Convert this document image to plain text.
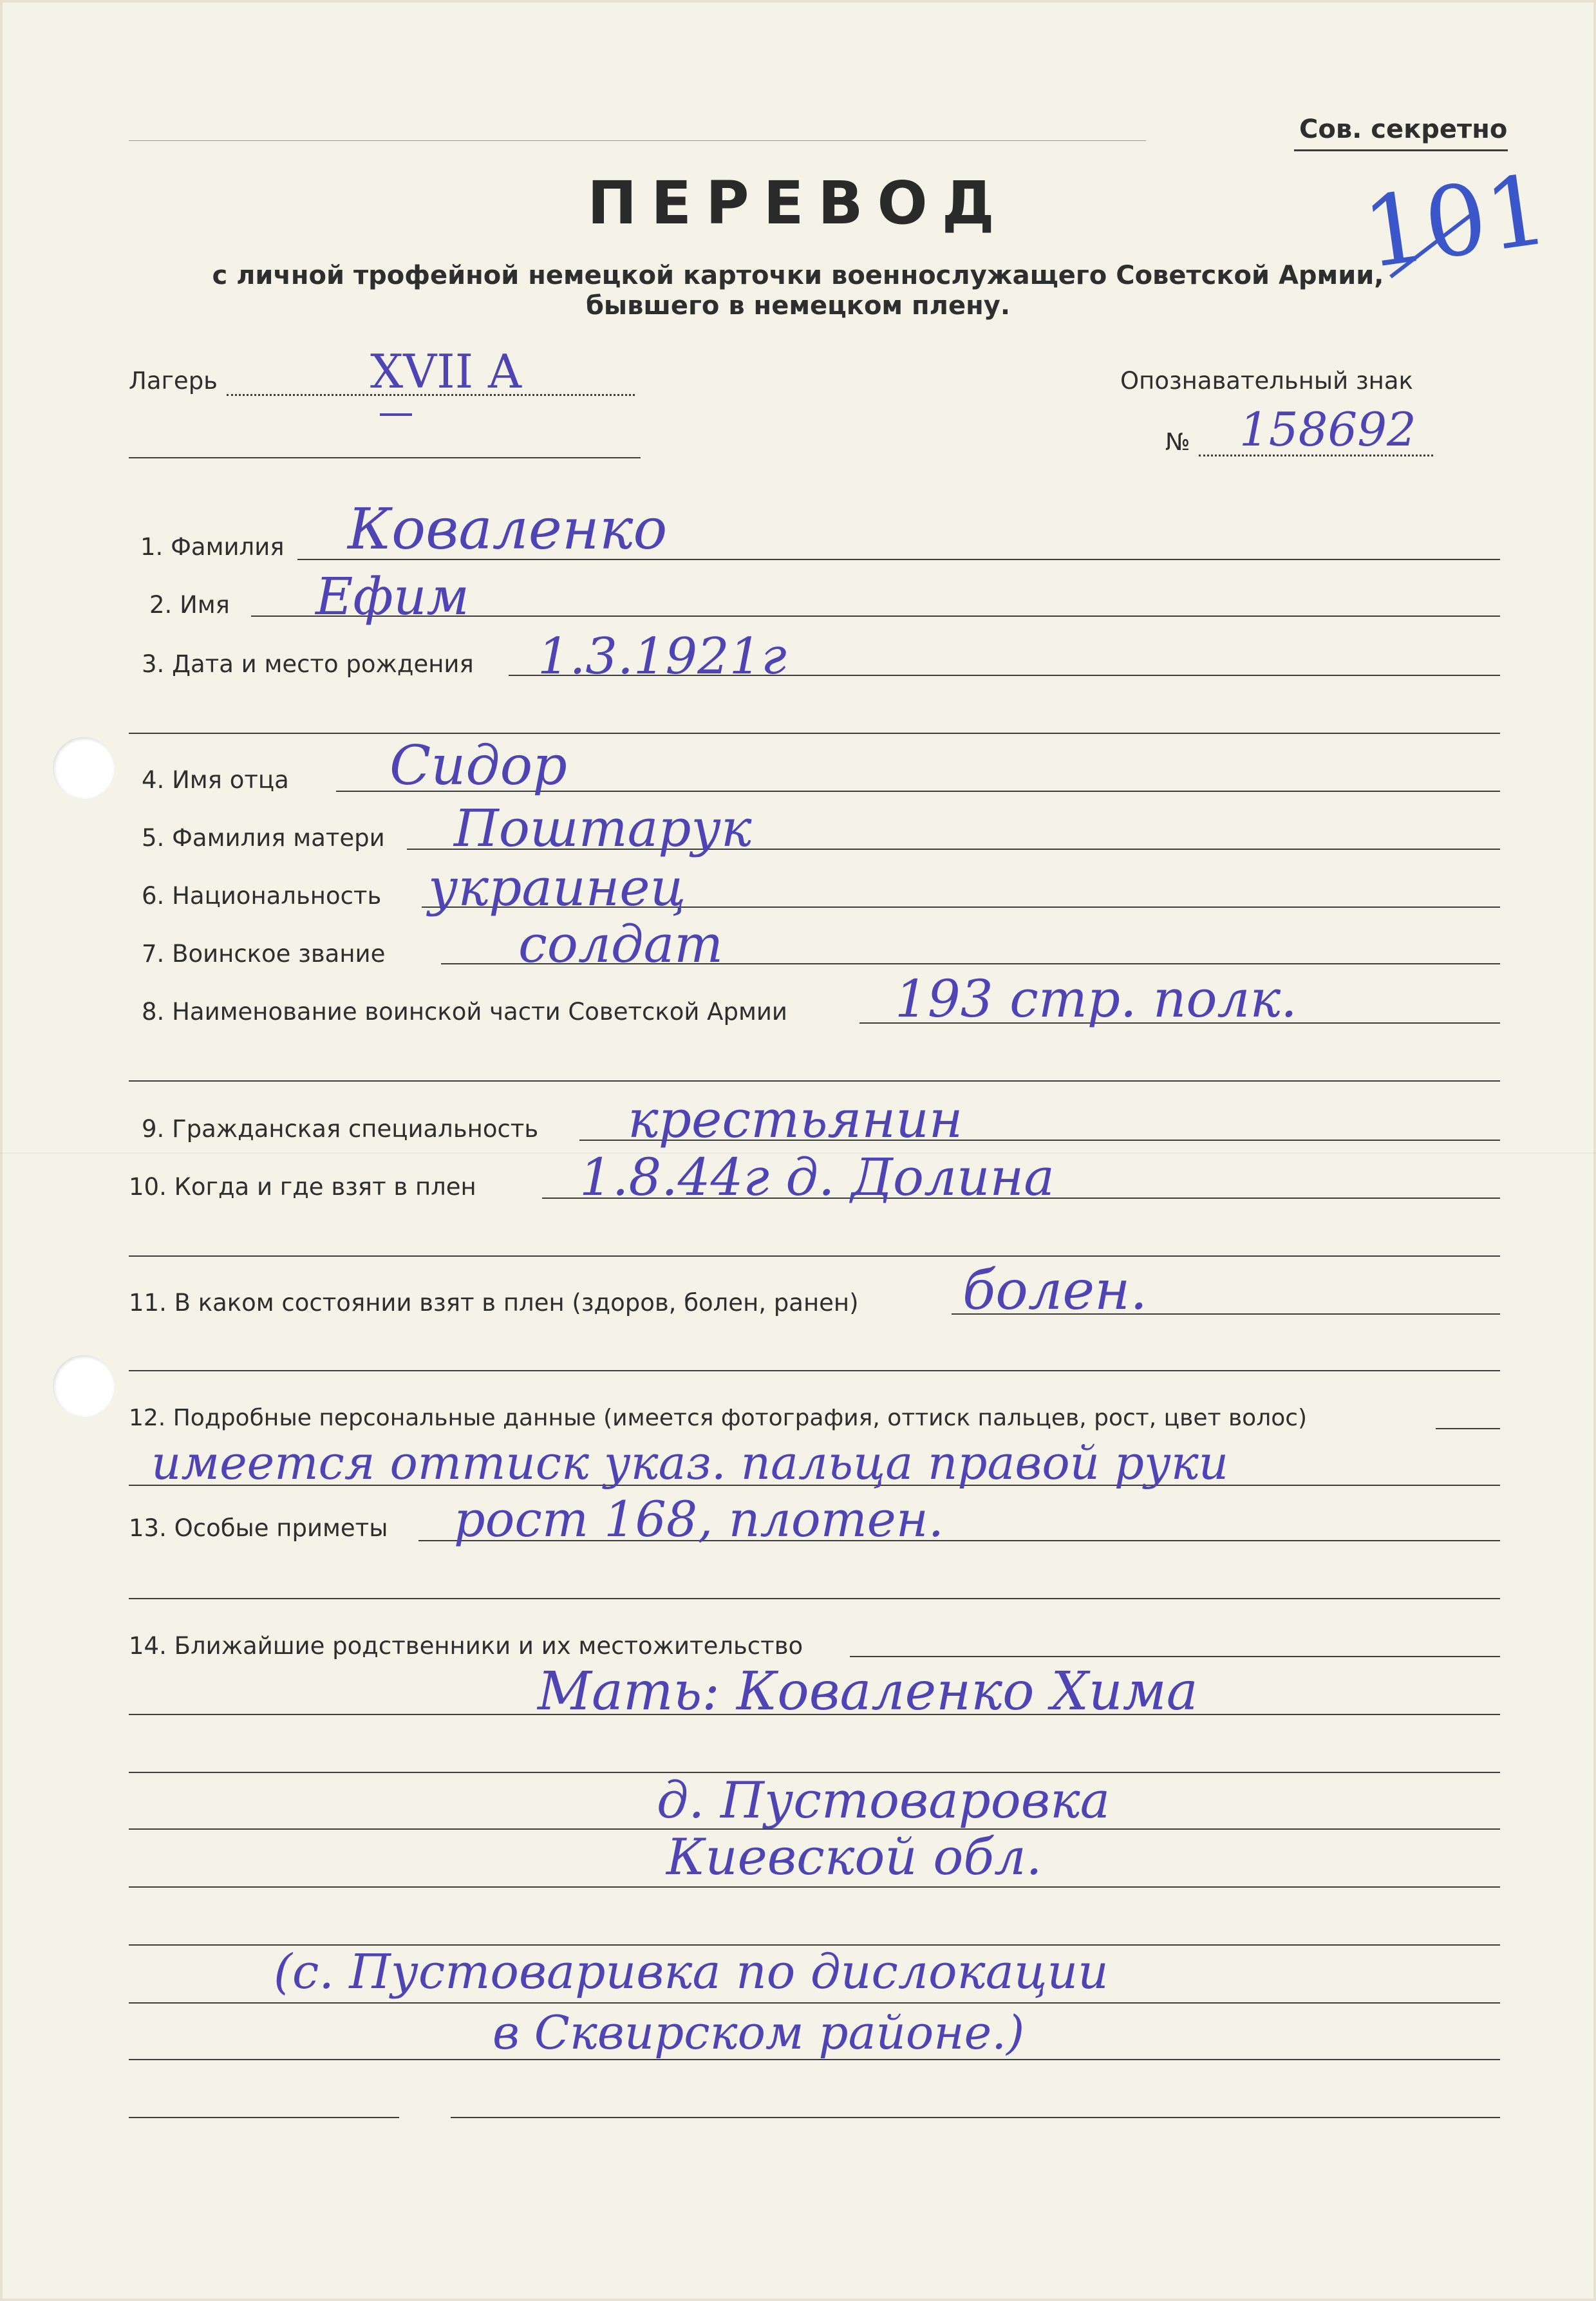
Сов. секретно
101
ПЕРЕВОД
с личной трофейной немецкой карточки военнослужащего Советской Армии,
бывшего в немецком плену.
Лагерь	XVII A	Опознавательный знак
№ 158692
1. Фамилия Коваленко
2. Имя Ефим
3. Дата и место рождения 1.3.1921г
4. Имя отца Сидор
5. Фамилия матери Поштарук
6. Национальность украинец
7. Воинское звание	солдат
8. Наименование воинской части Советской Армии 193 стр. полк.
9. Гражданская специальность крестьянин
10. Когда и где взят в плен 1.8.44г д. Долина
11. В каком состоянии взят в плен (здоров, болен, ранен) болен.
12. Подробные персональные данные (имеется фотография, оттиск пальцев, рост, цвет волос)
имеется оттиск указ. пальца правой руки
13. Особые приметы рост 168, плотен.
14. Ближайшие родственники и их местожительство
Мать: Коваленко Хима
д. Пустоваровка
Киевской обл.
(с. Пустоваривка по дислокации
в Сквирском районе.)
